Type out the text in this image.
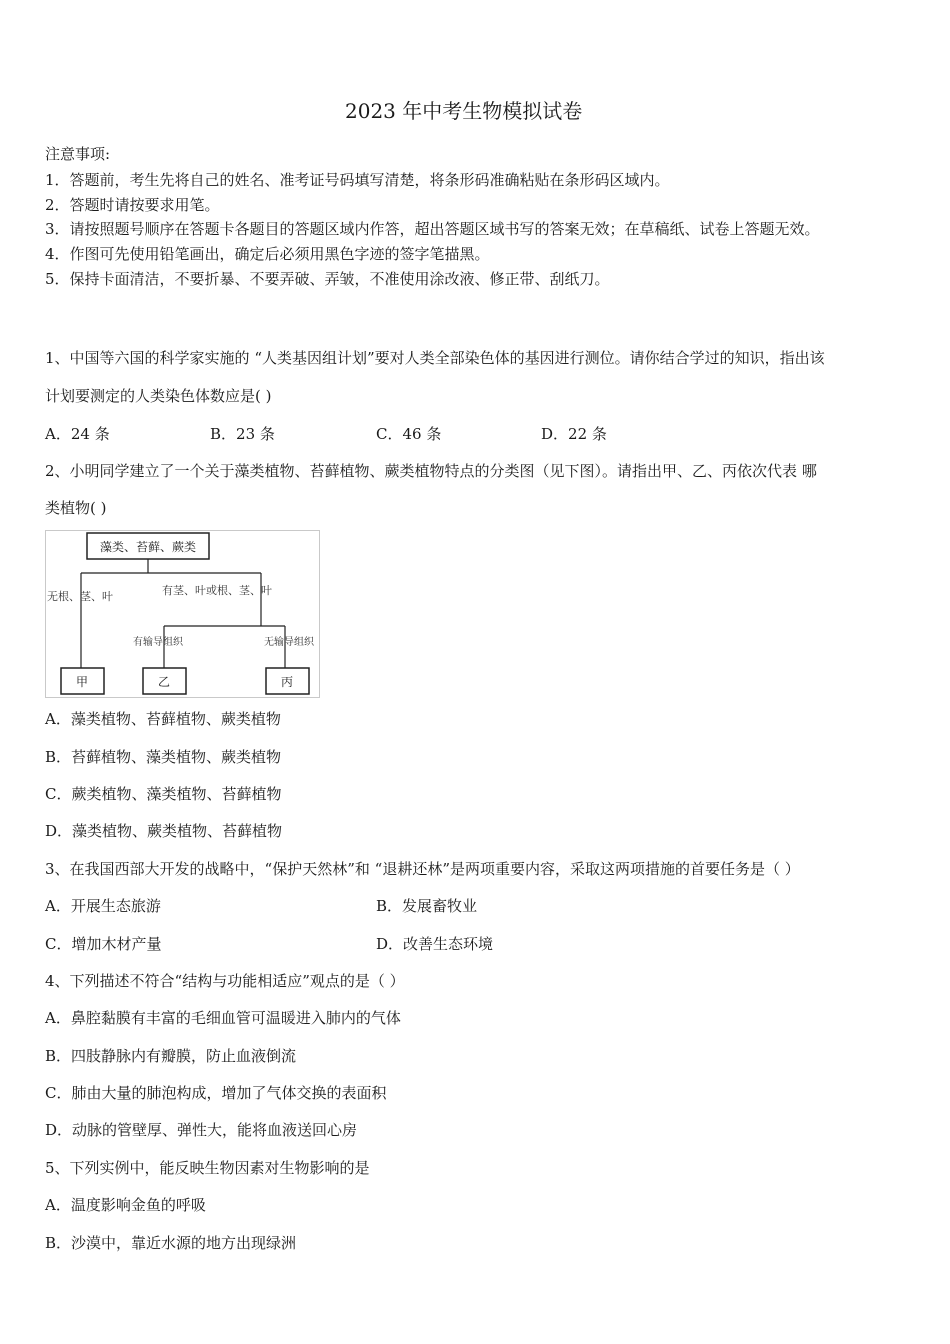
2023 年中考生物模拟试卷
注意事项:
1．答题前，考生先将自己的姓名、准考证号码填写清楚，将条形码准确粘贴在条形码区域内。
2．答题时请按要求用笔。
3．请按照题号顺序在答题卡各题目的答题区域内作答，超出答题区域书写的答案无效；在草稿纸、试卷上答题无效。
4．作图可先使用铅笔画出，确定后必须用黑色字迹的签字笔描黑。
5．保持卡面清洁，不要折暴、不要弄破、弄皱，不准使用涂改液、修正带、刮纸刀。
1、中国等六国的科学家实施的 “人类基因组计划”要对人类全部染色体的基因进行测位。请你结合学过的知识，指出该
计划要测定的人类染色体数应是( )
A．24 条	B．23 条	C．46 条	D．22 条
2、小明同学建立了一个关于藻类植物、苔藓植物、蕨类植物特点的分类图（见下图）。请指出甲、乙、丙依次代表 哪
类植物( )
藻类、苔藓、蕨类
无根、茎、叶	有茎、叶或根、茎、叶
有输导组织	无输导组织
甲	乙	丙
A．藻类植物、苔藓植物、蕨类植物
B．苔藓植物、藻类植物、蕨类植物
C．蕨类植物、藻类植物、苔藓植物
D．藻类植物、蕨类植物、苔藓植物
3、在我国西部大开发的战略中，“保护天然林”和 “退耕还林”是两项重要内容，采取这两项措施的首要任务是（ ）
A．开展生态旅游	B．发展畜牧业
C．增加木材产量	D．改善生态环境
4、下列描述不符合“结构与功能相适应”观点的是（ ）
A．鼻腔黏膜有丰富的毛细血管可温暖进入肺内的气体
B．四肢静脉内有瓣膜，防止血液倒流
C．肺由大量的肺泡构成，增加了气体交换的表面积
D．动脉的管壁厚、弹性大，能将血液送回心房
5、下列实例中，能反映生物因素对生物影响的是
A．温度影响金鱼的呼吸
B．沙漠中，靠近水源的地方出现绿洲
